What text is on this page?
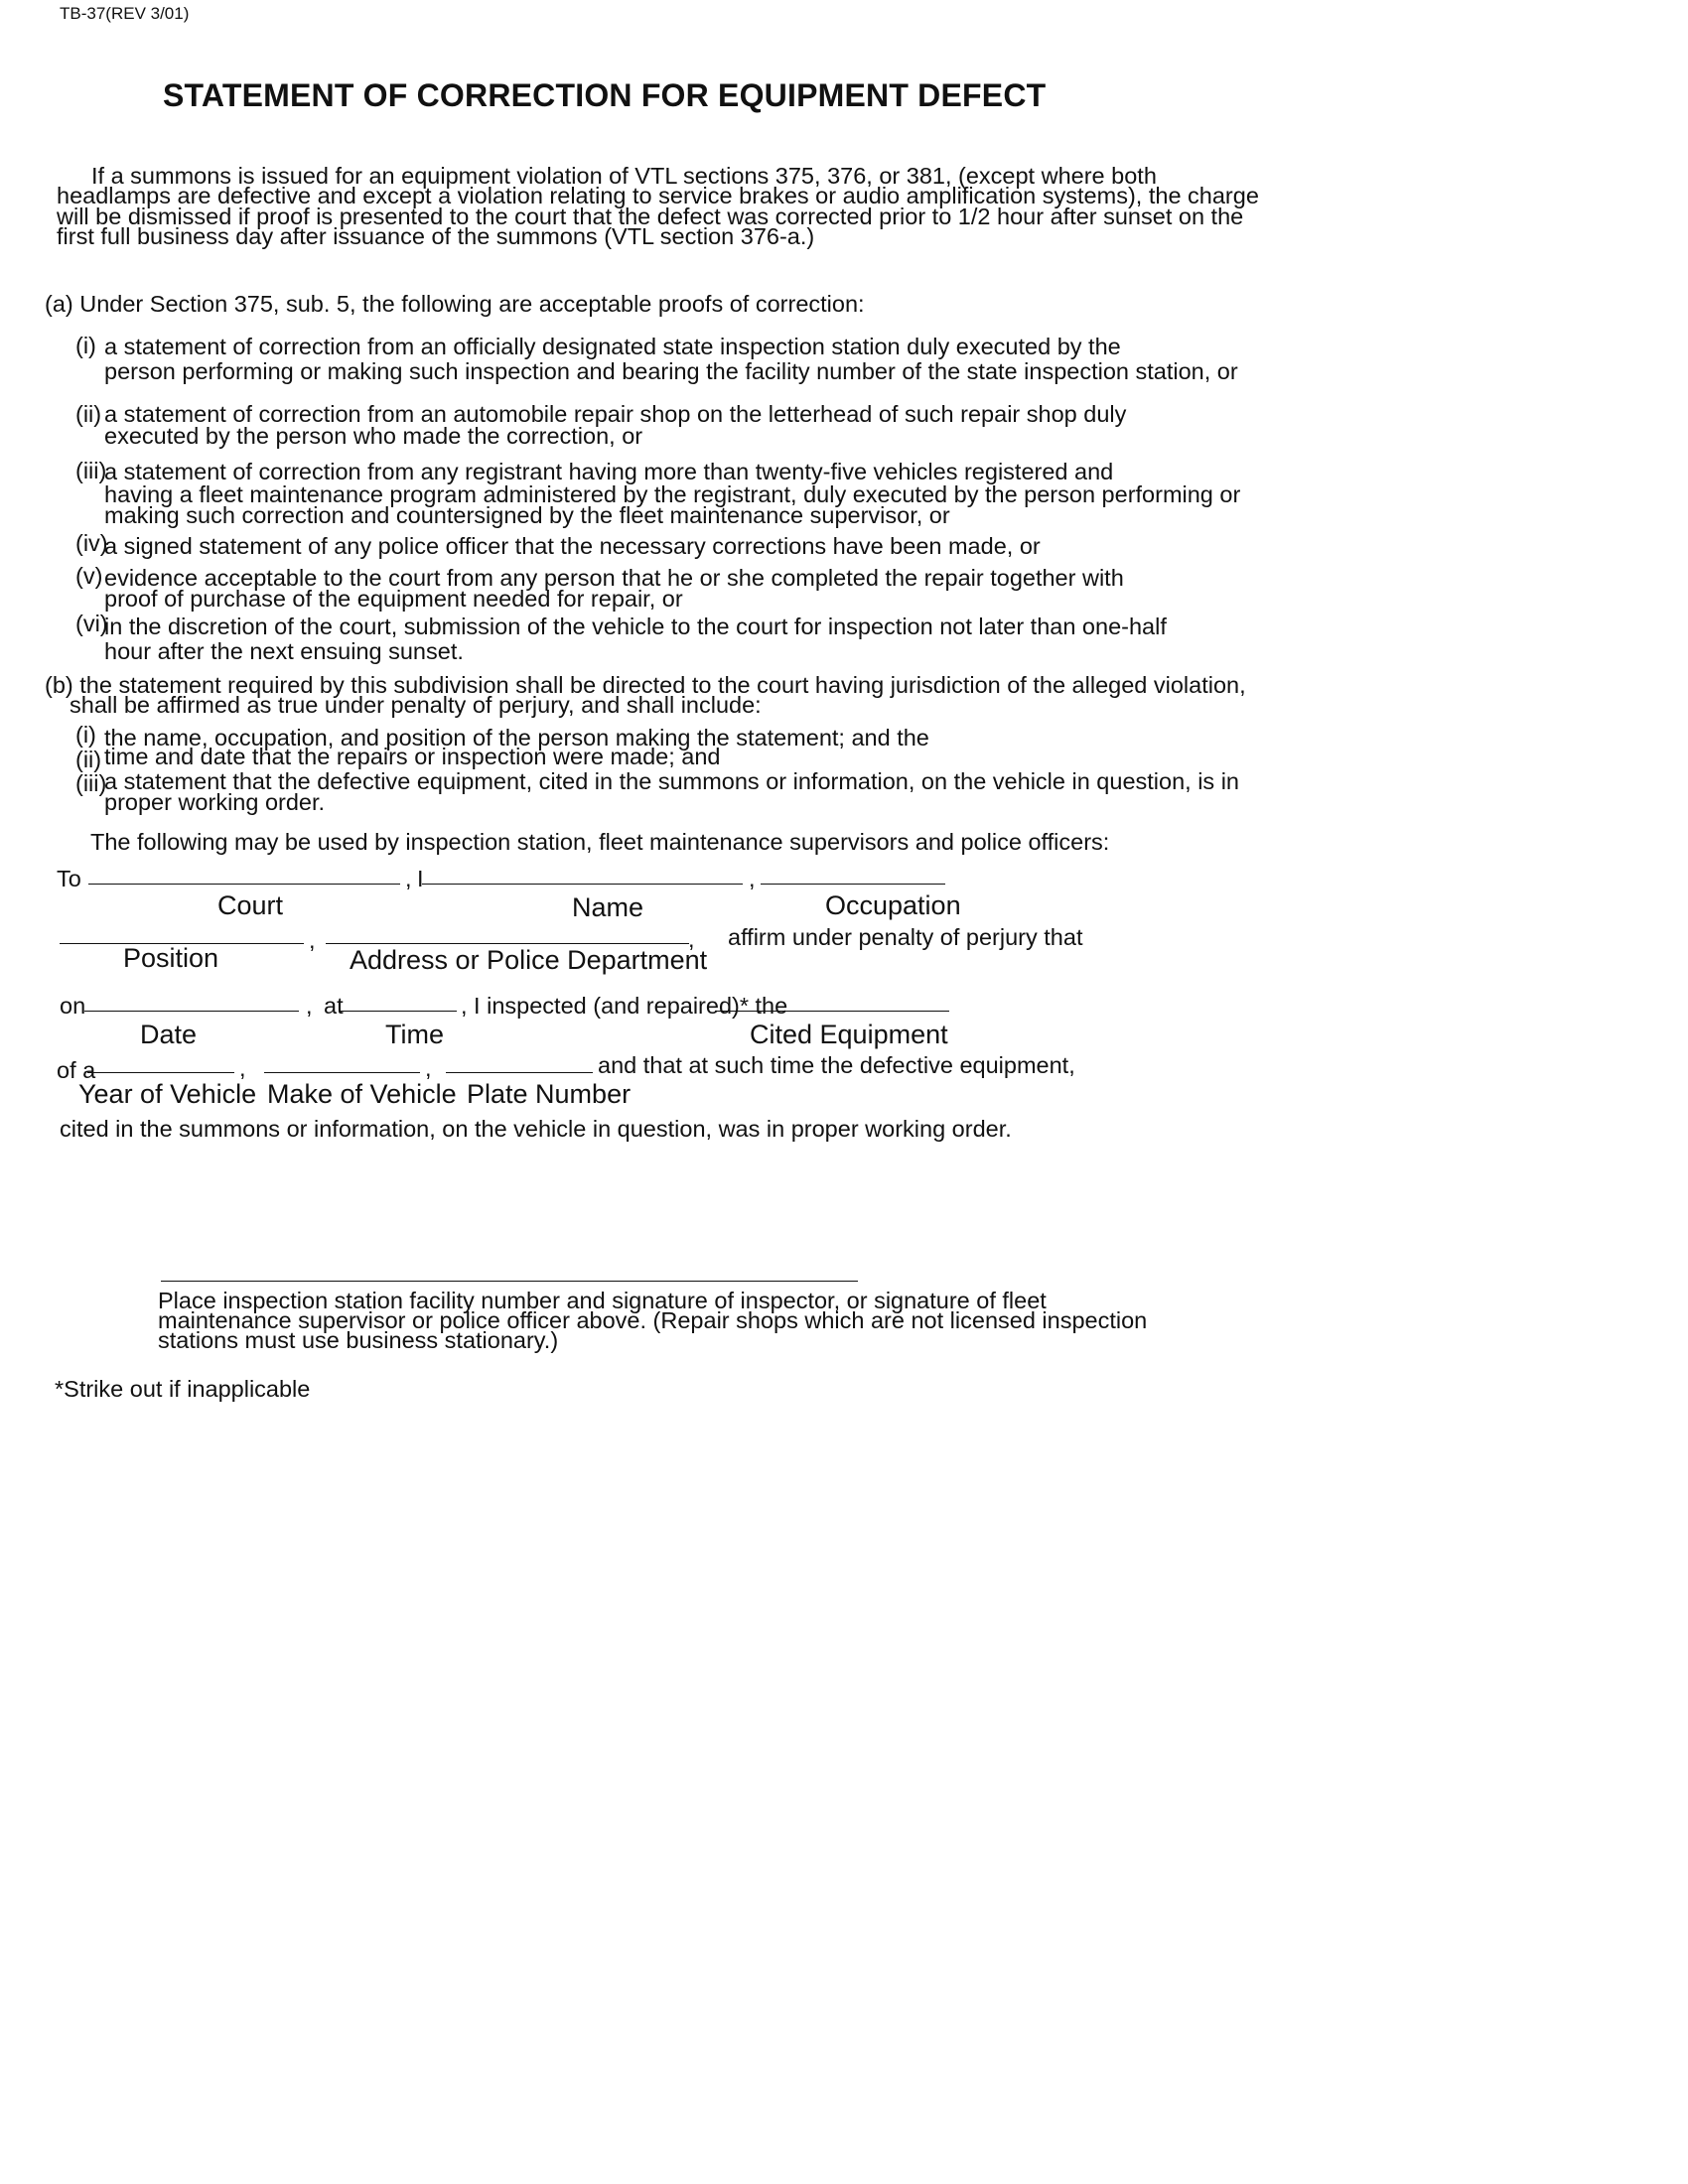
TB-37(REV 3/01)
STATEMENT OF CORRECTION FOR EQUIPMENT DEFECT
If a summons is issued for an equipment violation of VTL sections 375, 376, or 381, (except where both
headlamps are defective and except a violation relating to service brakes or audio amplification systems), the charge
will be dismissed if proof is presented to the court that the defect was corrected prior to 1/2 hour after sunset on the
first full business day after issuance of the summons (VTL section 376-a.)
(a) Under Section 375, sub. 5, the following are acceptable proofs of correction:
(i) a statement of correction from an officially designated state inspection station duly executed by the
person performing or making such inspection and bearing the facility number of the state inspection station, or
(ii) a statement of correction from an automobile repair shop on the letterhead of such repair shop duly
executed by the person who made the correction, or
(iii)
a statement of correction from any registrant having more than twenty-five vehicles registered and
having a fleet maintenance program administered by the registrant, duly executed by the person performing or
making such correction and countersigned by the fleet maintenance supervisor, or
(iv)
a signed statement of any police officer that the necessary corrections have been made, or
(v) evidence acceptable to the court from any person that he or she completed the repair together with
proof of purchase of the equipment needed for repair, or
(vi)
in the discretion of the court, submission of the vehicle to the court for inspection not later than one-half
hour after the next ensuing sunset.
(b) the statement required by this subdivision shall be directed to the court having jurisdiction of the alleged violation,
shall be affirmed as true under penalty of perjury, and shall include:
(i) the name, occupation, and position of the person making the statement; and the
(ii) time and date that the repairs or inspection were made; and
(iii)
a statement that the defective equipment, cited in the summons or information, on the vehicle in question, is in
proper working order.
The following may be used by inspection station, fleet maintenance supervisors and police officers:
To	, I	,
Court	Name	Occupation
,	, affirm under penalty of perjury that
Position	Address or Police Department
on	, at	, I inspected (and repaired)* the
Date	Time	Cited Equipment
of a	,	,	and that at such time the defective equipment,
Year of Vehicle Make of Vehicle Plate Number
cited in the summons or information, on the vehicle in question, was in proper working order.
Place inspection station facility number and signature of inspector, or signature of fleet
maintenance supervisor or police officer above. (Repair shops which are not licensed inspection
stations must use business stationary.)
*Strike out if inapplicable
